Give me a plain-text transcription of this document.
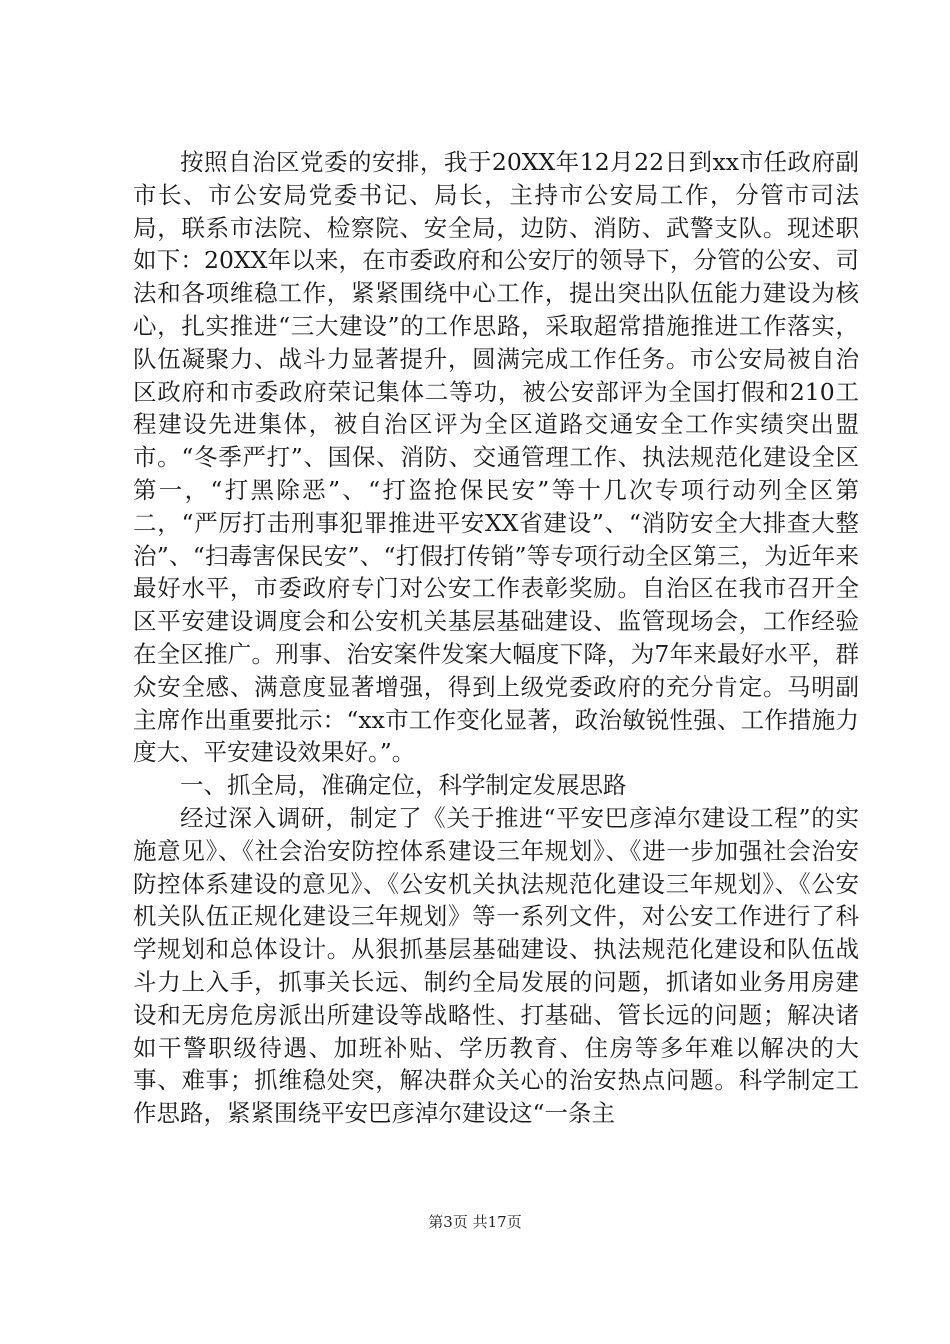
按照自治区党委的安排，我于20XX年12月22日到xx市任政府副市长、市公安局党委书记、局长，主持市公安局工作，分管市司法局，联系市法院、检察院、安全局，边防、消防、武警支队。现述职如下：20XX年以来，在市委政府和公安厅的领导下，分管的公安、司法和各项维稳工作，紧紧围绕中心工作，提出突出队伍能力建设为核心，扎实推进“三大建设”的工作思路，采取超常措施推进工作落实，队伍凝聚力、战斗力显著提升，圆满完成工作任务。市公安局被自治区政府和市委政府荣记集体二等功，被公安部评为全国打假和210工程建设先进集体，被自治区评为全区道路交通安全工作实绩突出盟市。“冬季严打”、国保、消防、交通管理工作、执法规范化建设全区第一，“打黑除恶”、“打盗抢保民安”等十几次专项行动列全区第二，“严厉打击刑事犯罪推进平安XX省建设”、“消防安全大排查大整治”、“扫毒害保民安”、“打假打传销”等专项行动全区第三，为近年来最好水平，市委政府专门对公安工作表彰奖励。自治区在我市召开全区平安建设调度会和公安机关基层基础建设、监管现场会，工作经验在全区推广。刑事、治安案件发案大幅度下降，为7年来最好水平，群众安全感、满意度显著增强，得到上级党委政府的充分肯定。马明副主席作出重要批示：“xx市工作变化显著，政治敏锐性强、工作措施力度大、平安建设效果好。”。

一、抓全局，准确定位，科学制定发展思路

经过深入调研，制定了《关于推进“平安巴彦淖尔建设工程”的实施意见》、《社会治安防控体系建设三年规划》、《进一步加强社会治安防控体系建设的意见》、《公安机关执法规范化建设三年规划》、《公安机关队伍正规化建设三年规划》等一系列文件，对公安工作进行了科学规划和总体设计。从狠抓基层基础建设、执法规范化建设和队伍战斗力上入手，抓事关长远、制约全局发展的问题，抓诸如业务用房建设和无房危房派出所建设等战略性、打基础、管长远的问题；解决诸如干警职级待遇、加班补贴、学历教育、住房等多年难以解决的大事、难事；抓维稳处突，解决群众关心的治安热点问题。科学制定工作思路，紧紧围绕平安巴彦淖尔建设这“一条主

第3页 共17页
